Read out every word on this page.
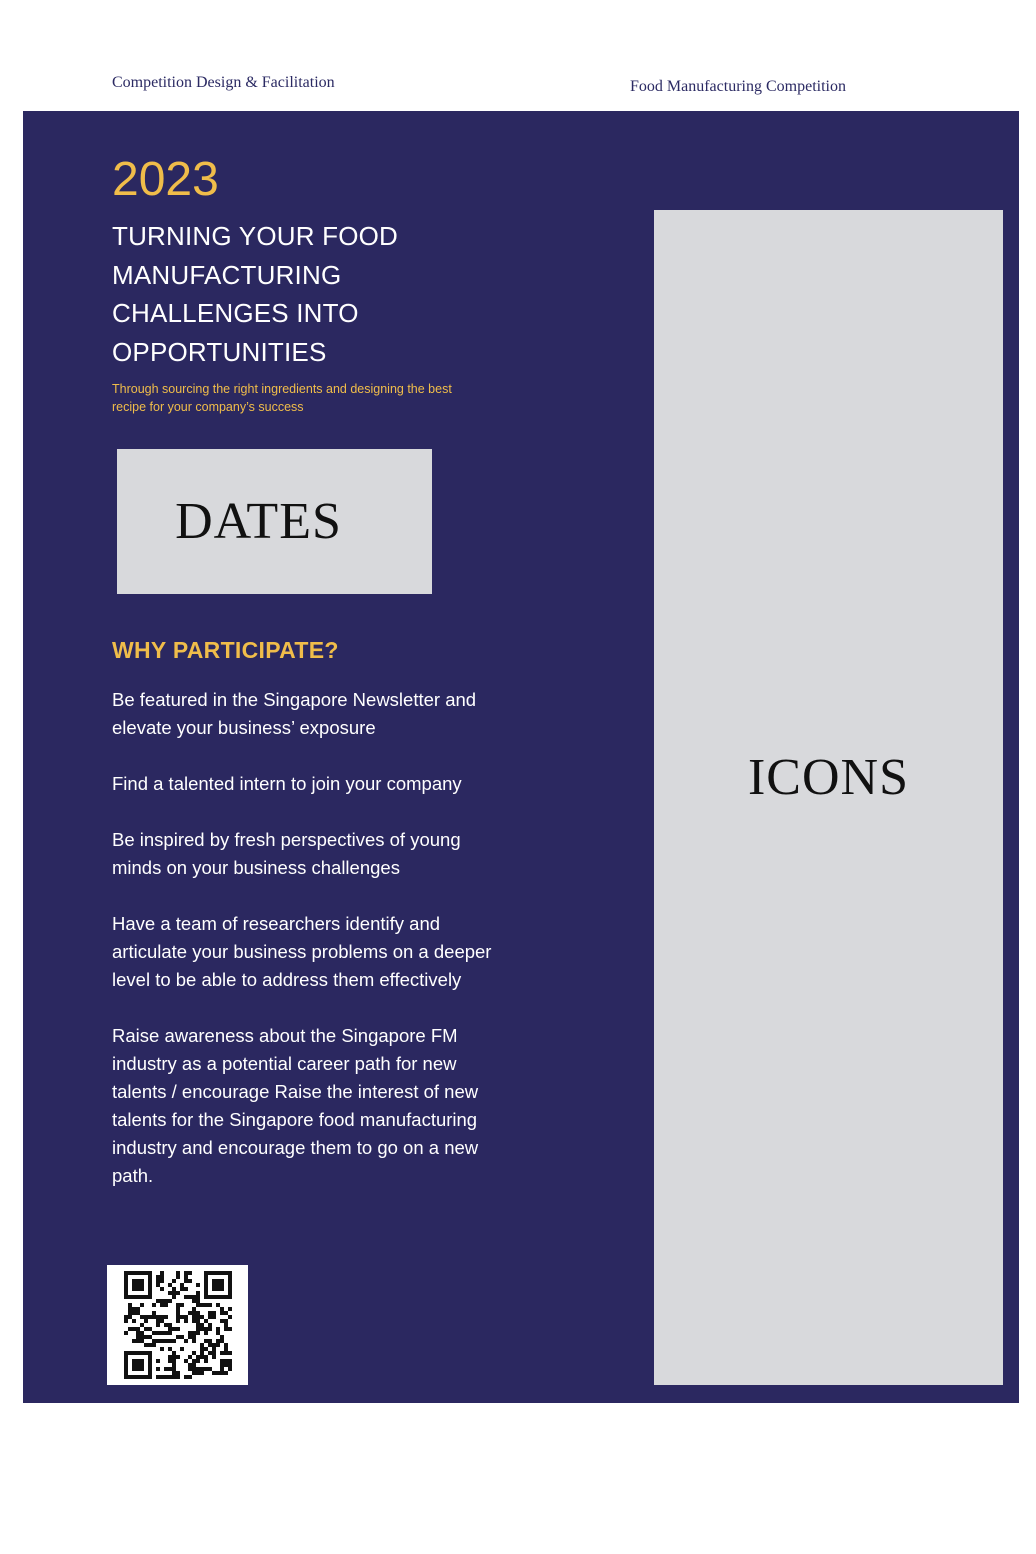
Competition Design & Facilitation	Food Manufacturing Competition
2023
TURNING YOUR FOOD
MANUFACTURING
CHALLENGES INTO
OPPORTUNITIES
Through sourcing the right ingredients and designing the best recipe for your company’s success
DATES
WHY PARTICIPATE?

Be featured in the Singapore Newsletter and elevate your business’ exposure

Find a talented intern to join your company

Be inspired by fresh perspectives of young minds on your business challenges

Have a team of researchers identify and articulate your business problems on a deeper level to be able to address them effectively

Raise awareness about the Singapore FM industry as a potential career path for new talents / encourage Raise the interest of new talents for the Singapore food manufacturing industry and encourage them to go on a new path.

ICONS
